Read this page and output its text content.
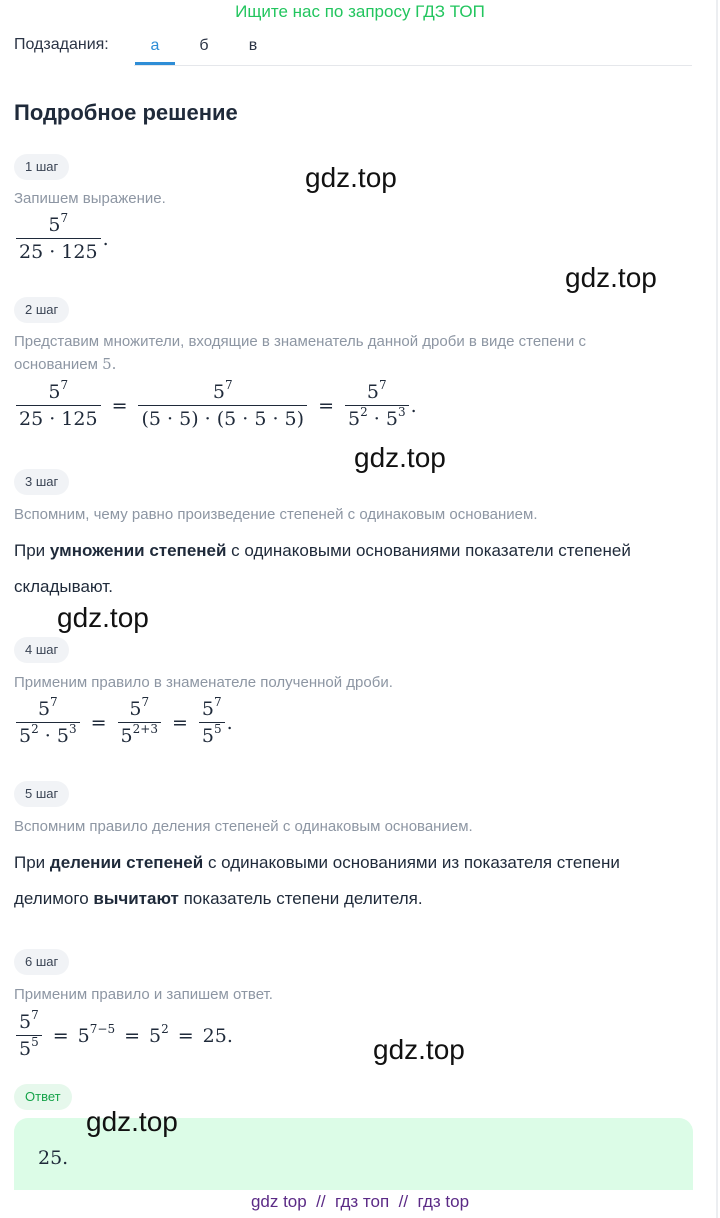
Ищите нас по запросу ГДЗ ТОП
Подзадания:	а	б	в
Подробное решение
1 шаг
Запишем выражение.
$\frac{5^7}{25 \cdot 125}$ .
2 шаг
Представим множители, входящие в знаменатель данной дроби в виде степени с основанием 5.
$\frac{5^7}{25 \cdot 125} = \frac{5^7}{(5 \cdot 5) \cdot (5 \cdot 5 \cdot 5)} = \frac{5^7}{5^2 \cdot 5^3}$ .
3 шаг
Вспомним, чему равно произведение степеней с одинаковым основанием.
При умножении степеней с одинаковыми основаниями показатели степеней складывают.
4 шаг
Применим правило в знаменателе полученной дроби.
$\frac{5^7}{5^2 \cdot 5^3} = \frac{5^7}{5^{2+3}} = \frac{5^7}{5^5}$ .
5 шаг
Вспомним правило деления степеней с одинаковым основанием.
При делении степеней с одинаковыми основаниями из показателя степени делимого вычитают показатель степени делителя.
6 шаг
Применим правило и запишем ответ.
$\frac{5^7}{5^5} = 5^{7-5} = 5^2 = 25$.
Ответ
25.
gdz.top
gdz.top
gdz.top
gdz.top
gdz.top
gdz.top
gdz top  //  гдз топ  //  гдз top
